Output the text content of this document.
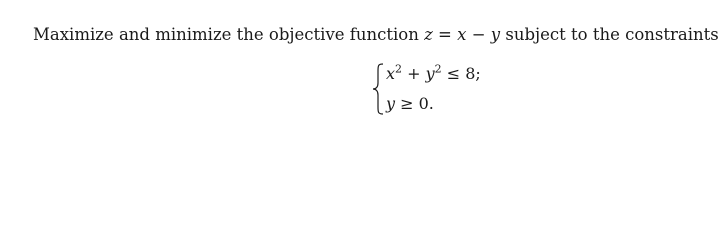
Maximize and minimize the objective function z = x − y subject to the constraints
$x^2 + y^2 \le 8$;
y ≥ 0.
